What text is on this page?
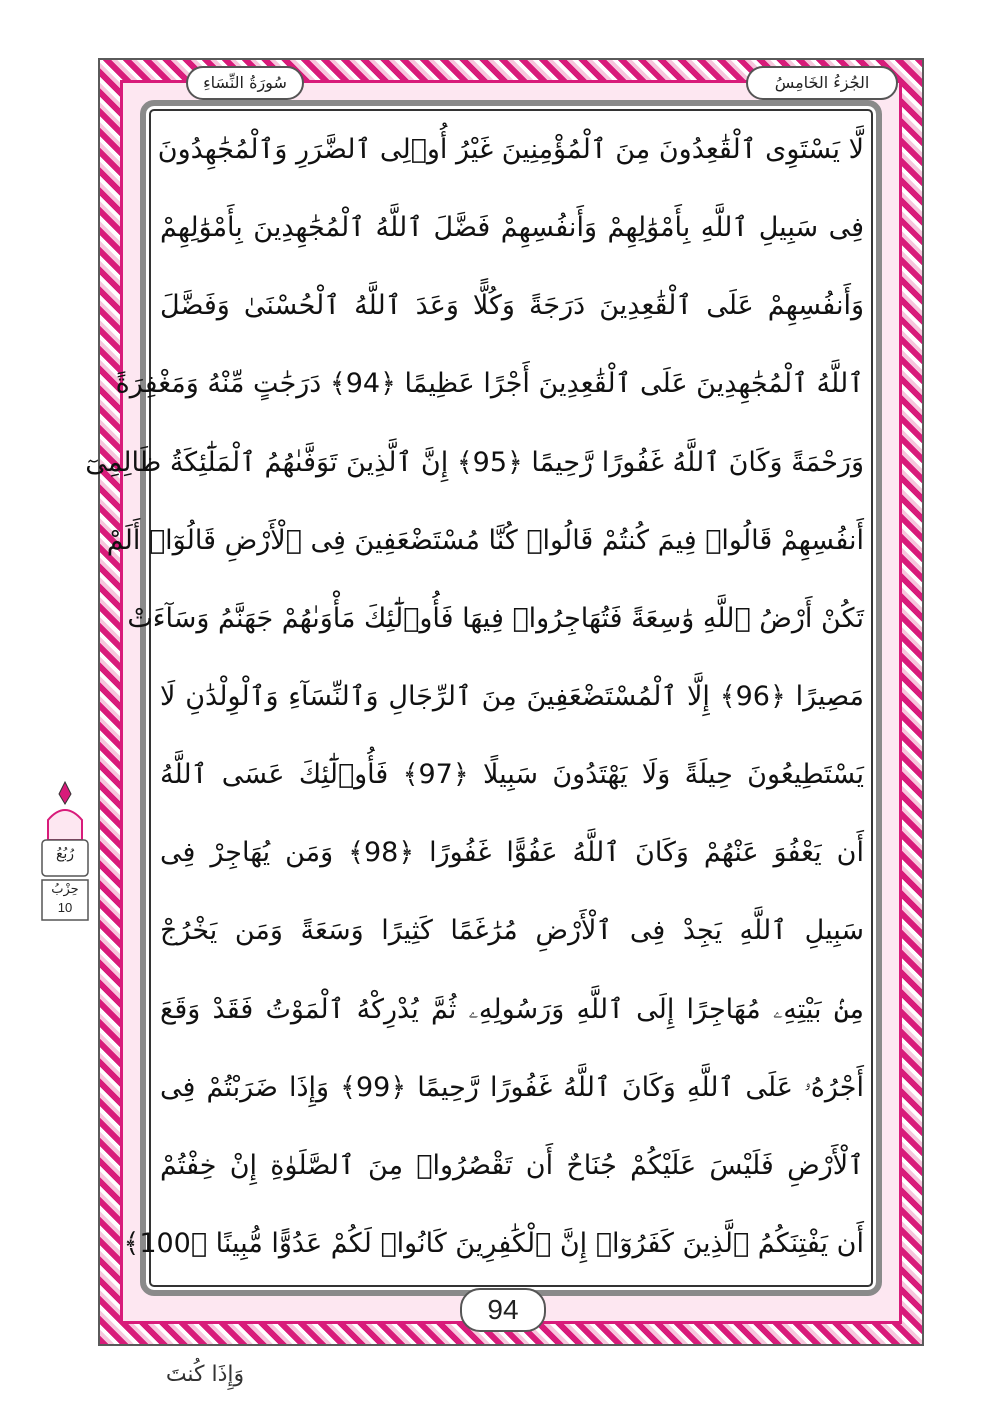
الجُزءُ الخَامِسُ
سُورَةُ النِّسَاءِ
لَّا يَسْتَوِى ٱلْقَٰعِدُونَ مِنَ ٱلْمُؤْمِنِينَ غَيْرُ أُو۟لِى ٱلضَّرَرِ وَٱلْمُجَٰهِدُونَ
فِى سَبِيلِ ٱللَّهِ بِأَمْوَٰلِهِمْ وَأَنفُسِهِمْ فَضَّلَ ٱللَّهُ ٱلْمُجَٰهِدِينَ بِأَمْوَٰلِهِمْ
وَأَنفُسِهِمْ عَلَى ٱلْقَٰعِدِينَ دَرَجَةً وَكُلًّا وَعَدَ ٱللَّهُ ٱلْحُسْنَىٰ وَفَضَّلَ
ٱللَّهُ ٱلْمُجَٰهِدِينَ عَلَى ٱلْقَٰعِدِينَ أَجْرًا عَظِيمًا ﴿94﴾ دَرَجَٰتٍ مِّنْهُ وَمَغْفِرَةً
وَرَحْمَةً وَكَانَ ٱللَّهُ غَفُورًا رَّحِيمًا ﴿95﴾ إِنَّ ٱلَّذِينَ تَوَفَّىٰهُمُ ٱلْمَلَٰٓئِكَةُ ظَالِمِىٓ
أَنفُسِهِمْ قَالُوا۟ فِيمَ كُنتُمْ قَالُوا۟ كُنَّا مُسْتَضْعَفِينَ فِى ٱلْأَرْضِ قَالُوٓا۟ أَلَمْ
تَكُنْ أَرْضُ ٱللَّهِ وَٰسِعَةً فَتُهَاجِرُوا۟ فِيهَا فَأُو۟لَٰٓئِكَ مَأْوَىٰهُمْ جَهَنَّمُ وَسَآءَتْ
مَصِيرًا ﴿96﴾ إِلَّا ٱلْمُسْتَضْعَفِينَ مِنَ ٱلرِّجَالِ وَٱلنِّسَآءِ وَٱلْوِلْدَٰنِ لَا
يَسْتَطِيعُونَ حِيلَةً وَلَا يَهْتَدُونَ سَبِيلًا ﴿97﴾ فَأُو۟لَٰٓئِكَ عَسَى ٱللَّهُ
أَن يَعْفُوَ عَنْهُمْ وَكَانَ ٱللَّهُ عَفُوًّا غَفُورًا ﴿98﴾ وَمَن يُهَاجِرْ فِى
سَبِيلِ ٱللَّهِ يَجِدْ فِى ٱلْأَرْضِ مُرَٰغَمًا كَثِيرًا وَسَعَةً وَمَن يَخْرُجْ
مِنۢ بَيْتِهِۦ مُهَاجِرًا إِلَى ٱللَّهِ وَرَسُولِهِۦ ثُمَّ يُدْرِكْهُ ٱلْمَوْتُ فَقَدْ وَقَعَ
أَجْرُهُۥ عَلَى ٱللَّهِ وَكَانَ ٱللَّهُ غَفُورًا رَّحِيمًا ﴿99﴾ وَإِذَا ضَرَبْتُمْ فِى
ٱلْأَرْضِ فَلَيْسَ عَلَيْكُمْ جُنَاحٌ أَن تَقْصُرُوا۟ مِنَ ٱلصَّلَوٰةِ إِنْ خِفْتُمْ
أَن يَفْتِنَكُمُ ٱلَّذِينَ كَفَرُوٓا۟ إِنَّ ٱلْكَٰفِرِينَ كَانُوا۟ لَكُمْ عَدُوًّا مُّبِينًا ﴿100﴾
94
وَإِذَا كُنتَ
رُبُعُ
حِزْبُ
10
